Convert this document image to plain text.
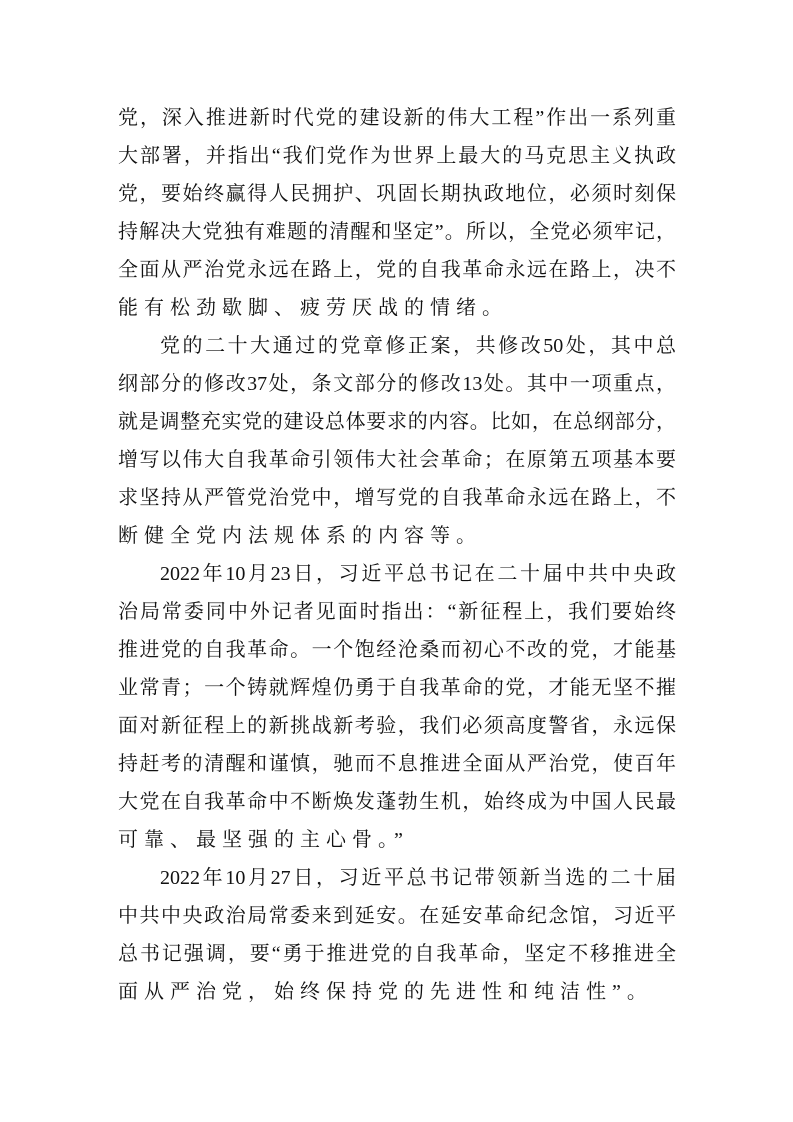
党，深入推进新时代党的建设新的伟大工程”作出一系列重
大部署，并指出“我们党作为世界上最大的马克思主义执政
党，要始终赢得人民拥护、巩固长期执政地位，必须时刻保
持解决大党独有难题的清醒和坚定”。所以，全党必须牢记，
全面从严治党永远在路上，党的自我革命永远在路上，决不
能有松劲歇脚、疲劳厌战的情绪。
党的二十大通过的党章修正案，共修改50处，其中总
纲部分的修改37处，条文部分的修改13处。其中一项重点，
就是调整充实党的建设总体要求的内容。比如，在总纲部分，
增写以伟大自我革命引领伟大社会革命；在原第五项基本要
求坚持从严管党治党中，增写党的自我革命永远在路上，不
断健全党内法规体系的内容等。
2022年10月23日，习近平总书记在二十届中共中央政
治局常委同中外记者见面时指出：“新征程上，我们要始终
推进党的自我革命。一个饱经沧桑而初心不改的党，才能基
业常青；一个铸就辉煌仍勇于自我革命的党，才能无坚不摧
面对新征程上的新挑战新考验，我们必须高度警省，永远保
持赶考的清醒和谨慎，驰而不息推进全面从严治党，使百年
大党在自我革命中不断焕发蓬勃生机，始终成为中国人民最
可靠、最坚强的主心骨。”
2022年10月27日，习近平总书记带领新当选的二十届
中共中央政治局常委来到延安。在延安革命纪念馆，习近平
总书记强调，要“勇于推进党的自我革命，坚定不移推进全
面从严治党，始终保持党的先进性和纯洁性”。
